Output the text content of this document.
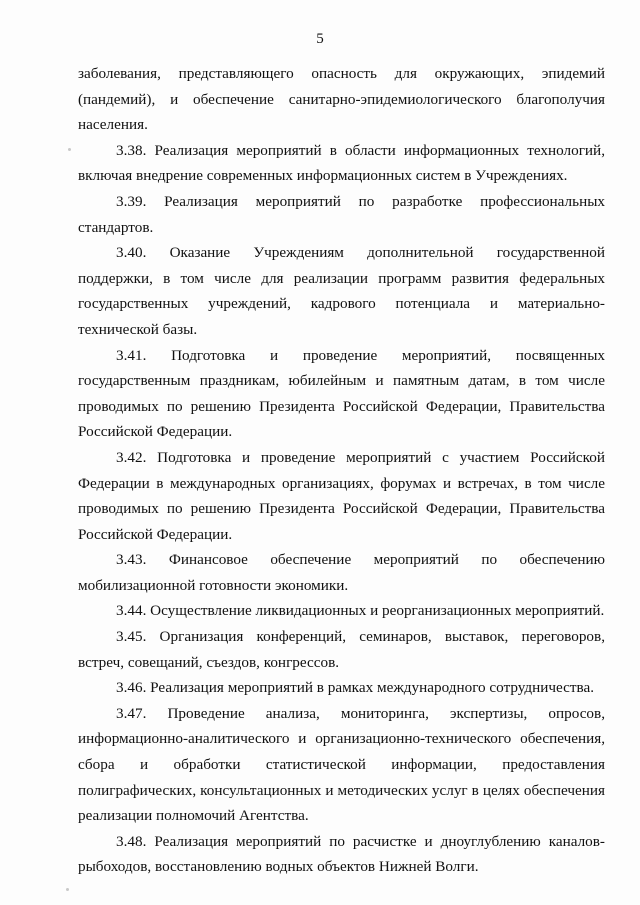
5

заболевания, представляющего опасность для окружающих, эпидемий (пандемий), и обеспечение санитарно-эпидемиологического благополучия населения.

3.38. Реализация мероприятий в области информационных технологий, включая внедрение современных информационных систем в Учреждениях.

3.39. Реализация мероприятий по разработке профессиональных стандартов.

3.40. Оказание Учреждениям дополнительной государственной поддержки, в том числе для реализации программ развития федеральных государственных учреждений, кадрового потенциала и материально-технической базы.

3.41. Подготовка и проведение мероприятий, посвященных государственным праздникам, юбилейным и памятным датам, в том числе проводимых по решению Президента Российской Федерации, Правительства Российской Федерации.

3.42. Подготовка и проведение мероприятий с участием Российской Федерации в международных организациях, форумах и встречах, в том числе проводимых по решению Президента Российской Федерации, Правительства Российской Федерации.

3.43. Финансовое обеспечение мероприятий по обеспечению мобилизационной готовности экономики.

3.44. Осуществление ликвидационных и реорганизационных мероприятий.

3.45. Организация конференций, семинаров, выставок, переговоров, встреч, совещаний, съездов, конгрессов.

3.46. Реализация мероприятий в рамках международного сотрудничества.

3.47. Проведение анализа, мониторинга, экспертизы, опросов, информационно-аналитического и организационно-технического обеспечения, сбора и обработки статистической информации, предоставления полиграфических, консультационных и методических услуг в целях обеспечения реализации полномочий Агентства.

3.48. Реализация мероприятий по расчистке и дноуглублению каналов-рыбоходов, восстановлению водных объектов Нижней Волги.
